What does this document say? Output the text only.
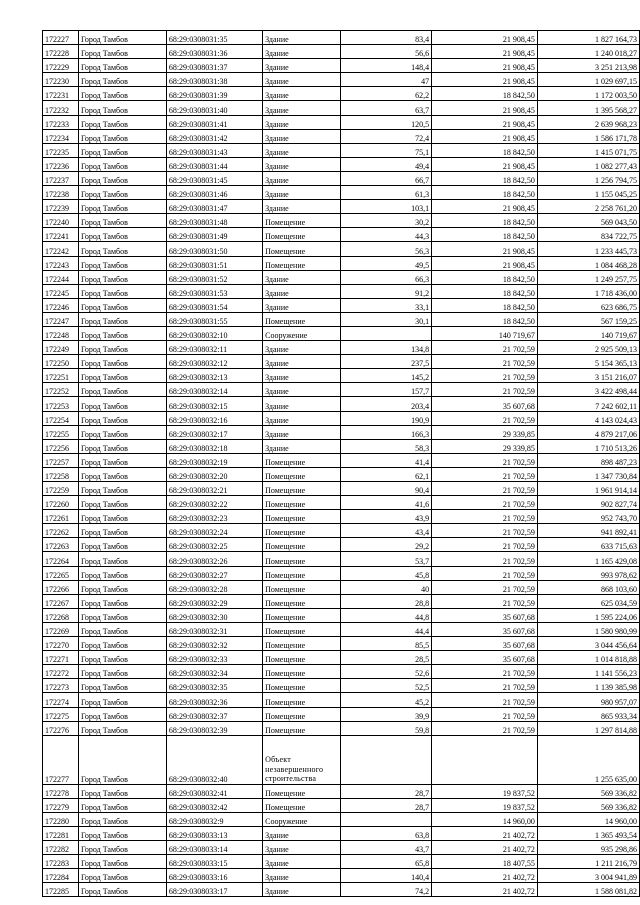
172227	Город Тамбов	68:29:0308031:35	Здание	83,4	21 908,45	1 827 164,73
172228	Город Тамбов	68:29:0308031:36	Здание	56,6	21 908,45	1 240 018,27
172229	Город Тамбов	68:29:0308031:37	Здание	148,4	21 908,45	3 251 213,98
172230	Город Тамбов	68:29:0308031:38	Здание	47	21 908,45	1 029 697,15
172231	Город Тамбов	68:29:0308031:39	Здание	62,2	18 842,50	1 172 003,50
172232	Город Тамбов	68:29:0308031:40	Здание	63,7	21 908,45	1 395 568,27
172233	Город Тамбов	68:29:0308031:41	Здание	120,5	21 908,45	2 639 968,23
172234	Город Тамбов	68:29:0308031:42	Здание	72,4	21 908,45	1 586 171,78
172235	Город Тамбов	68:29:0308031:43	Здание	75,1	18 842,50	1 415 071,75
172236	Город Тамбов	68:29:0308031:44	Здание	49,4	21 908,45	1 082 277,43
172237	Город Тамбов	68:29:0308031:45	Здание	66,7	18 842,50	1 256 794,75
172238	Город Тамбов	68:29:0308031:46	Здание	61,3	18 842,50	1 155 045,25
172239	Город Тамбов	68:29:0308031:47	Здание	103,1	21 908,45	2 258 761,20
172240	Город Тамбов	68:29:0308031:48	Помещение	30,2	18 842,50	569 043,50
172241	Город Тамбов	68:29:0308031:49	Помещение	44,3	18 842,50	834 722,75
172242	Город Тамбов	68:29:0308031:50	Помещение	56,3	21 908,45	1 233 445,73
172243	Город Тамбов	68:29:0308031:51	Помещение	49,5	21 908,45	1 084 468,28
172244	Город Тамбов	68:29:0308031:52	Здание	66,3	18 842,50	1 249 257,75
172245	Город Тамбов	68:29:0308031:53	Здание	91,2	18 842,50	1 718 436,00
172246	Город Тамбов	68:29:0308031:54	Здание	33,1	18 842,50	623 686,75
172247	Город Тамбов	68:29:0308031:55	Помещение	30,1	18 842,50	567 159,25
172248	Город Тамбов	68:29:0308032:10	Сооружение		140 719,67	140 719,67
172249	Город Тамбов	68:29:0308032:11	Здание	134,8	21 702,59	2 925 509,13
172250	Город Тамбов	68:29:0308032:12	Здание	237,5	21 702,59	5 154 365,13
172251	Город Тамбов	68:29:0308032:13	Здание	145,2	21 702,59	3 151 216,07
172252	Город Тамбов	68:29:0308032:14	Здание	157,7	21 702,59	3 422 498,44
172253	Город Тамбов	68:29:0308032:15	Здание	203,4	35 607,68	7 242 602,11
172254	Город Тамбов	68:29:0308032:16	Здание	190,9	21 702,59	4 143 024,43
172255	Город Тамбов	68:29:0308032:17	Здание	166,3	29 339,85	4 879 217,06
172256	Город Тамбов	68:29:0308032:18	Здание	58,3	29 339,85	1 710 513,26
172257	Город Тамбов	68:29:0308032:19	Помещение	41,4	21 702,59	898 487,23
172258	Город Тамбов	68:29:0308032:20	Помещение	62,1	21 702,59	1 347 730,84
172259	Город Тамбов	68:29:0308032:21	Помещение	90,4	21 702,59	1 961 914,14
172260	Город Тамбов	68:29:0308032:22	Помещение	41,6	21 702,59	902 827,74
172261	Город Тамбов	68:29:0308032:23	Помещение	43,9	21 702,59	952 743,70
172262	Город Тамбов	68:29:0308032:24	Помещение	43,4	21 702,59	941 892,41
172263	Город Тамбов	68:29:0308032:25	Помещение	29,2	21 702,59	633 715,63
172264	Город Тамбов	68:29:0308032:26	Помещение	53,7	21 702,59	1 165 429,08
172265	Город Тамбов	68:29:0308032:27	Помещение	45,8	21 702,59	993 978,62
172266	Город Тамбов	68:29:0308032:28	Помещение	40	21 702,59	868 103,60
172267	Город Тамбов	68:29:0308032:29	Помещение	28,8	21 702,59	625 034,59
172268	Город Тамбов	68:29:0308032:30	Помещение	44,8	35 607,68	1 595 224,06
172269	Город Тамбов	68:29:0308032:31	Помещение	44,4	35 607,68	1 580 980,99
172270	Город Тамбов	68:29:0308032:32	Помещение	85,5	35 607,68	3 044 456,64
172271	Город Тамбов	68:29:0308032:33	Помещение	28,5	35 607,68	1 014 818,88
172272	Город Тамбов	68:29:0308032:34	Помещение	52,6	21 702,59	1 141 556,23
172273	Город Тамбов	68:29:0308032:35	Помещение	52,5	21 702,59	1 139 385,98
172274	Город Тамбов	68:29:0308032:36	Помещение	45,2	21 702,59	980 957,07
172275	Город Тамбов	68:29:0308032:37	Помещение	39,9	21 702,59	865 933,34
172276	Город Тамбов	68:29:0308032:39	Помещение	59,8	21 702,59	1 297 814,88
172277	Город Тамбов	68:29:0308032:40	Объект незавершенного строительства			1 255 635,00
172278	Город Тамбов	68:29:0308032:41	Помещение	28,7	19 837,52	569 336,82
172279	Город Тамбов	68:29:0308032:42	Помещение	28,7	19 837,52	569 336,82
172280	Город Тамбов	68:29:0308032:9	Сооружение		14 960,00	14 960,00
172281	Город Тамбов	68:29:0308033:13	Здание	63,8	21 402,72	1 365 493,54
172282	Город Тамбов	68:29:0308033:14	Здание	43,7	21 402,72	935 298,86
172283	Город Тамбов	68:29:0308033:15	Здание	65,8	18 407,55	1 211 216,79
172284	Город Тамбов	68:29:0308033:16	Здание	140,4	21 402,72	3 004 941,89
172285	Город Тамбов	68:29:0308033:17	Здание	74,2	21 402,72	1 588 081,82
